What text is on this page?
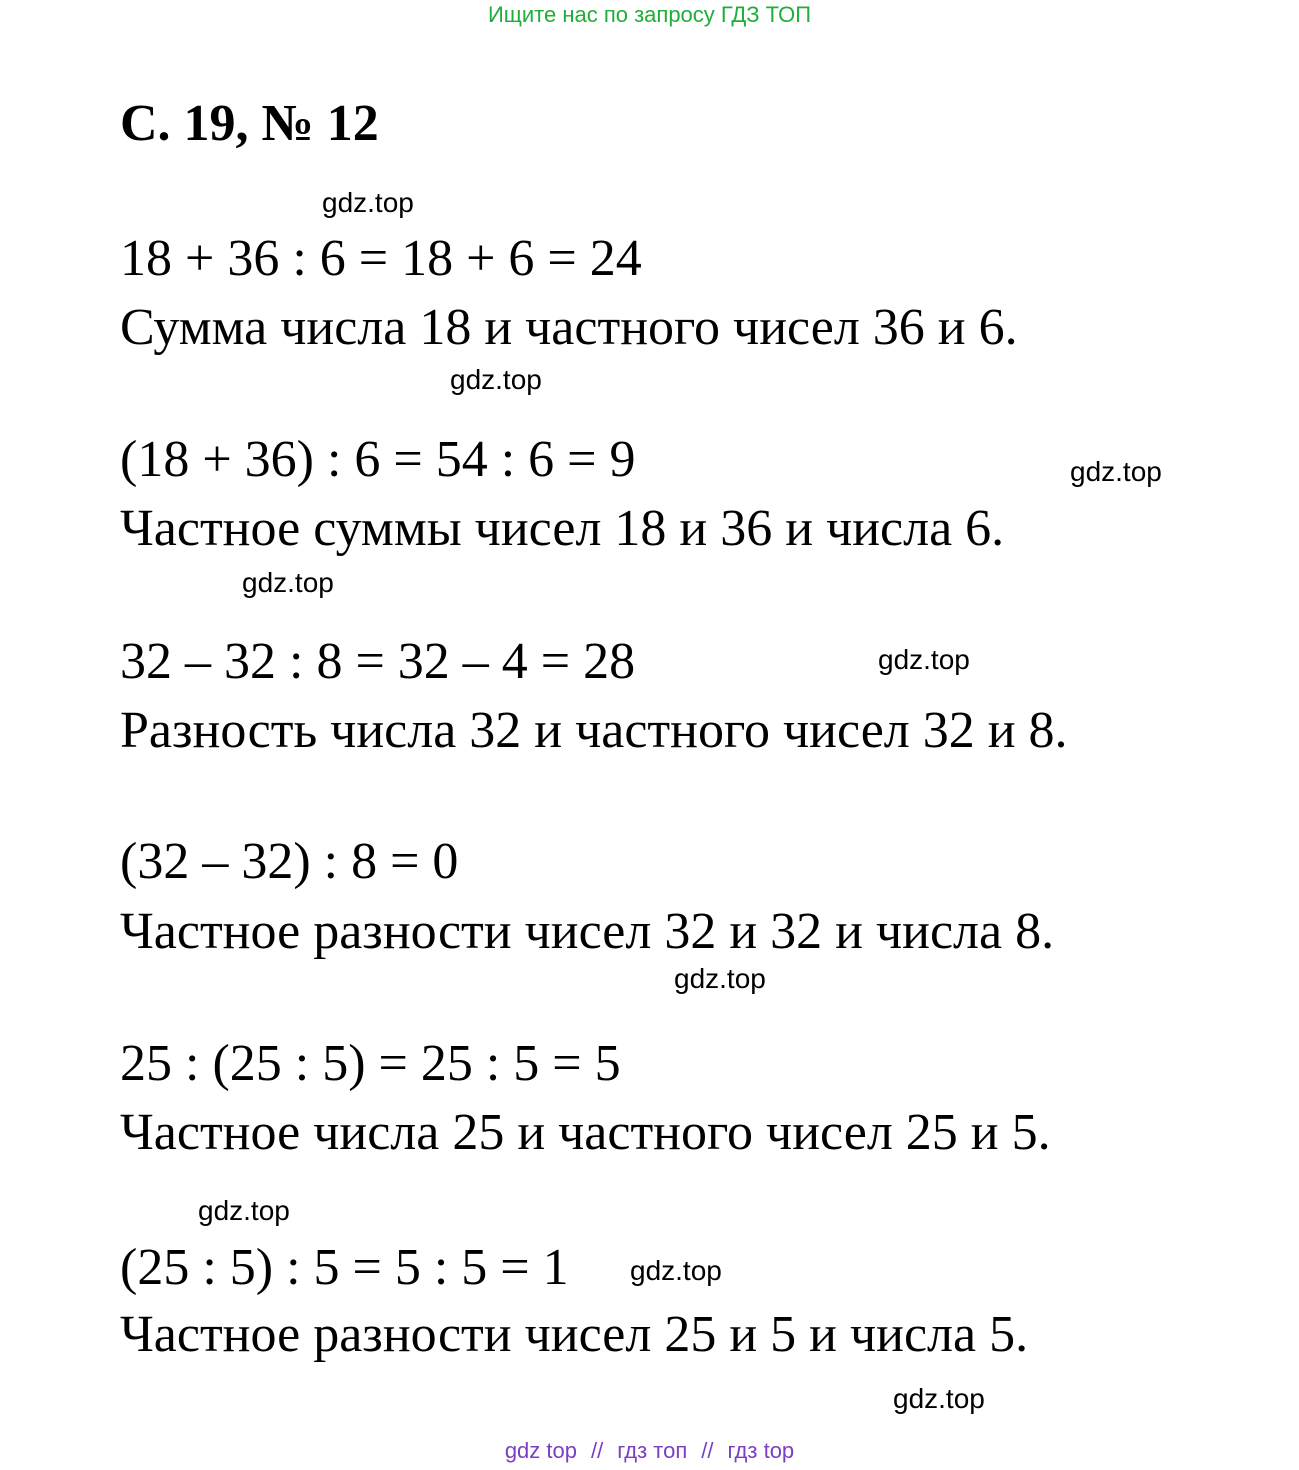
Ищите нас по запросу ГДЗ ТОП
С. 19, № 12
gdz.top
18 + 36 : 6 = 18 + 6 = 24
Сумма числа 18 и частного чисел 36 и 6.
gdz.top
(18 + 36) : 6 = 54 : 6 = 9	gdz.top
Частное суммы чисел 18 и 36 и числа 6.
gdz.top
32 – 32 : 8 = 32 – 4 = 28	gdz.top
Разность числа 32 и частного чисел 32 и 8.
(32 – 32) : 8 = 0
Частное разности чисел 32 и 32 и числа 8.
gdz.top
25 : (25 : 5) = 25 : 5 = 5
Частное числа 25 и частного чисел 25 и 5.
gdz.top
(25 : 5) : 5 = 5 : 5 = 1 gdz.top
Частное разности чисел 25 и 5 и числа 5.
gdz.top
gdz top // гдз топ // гдз top
